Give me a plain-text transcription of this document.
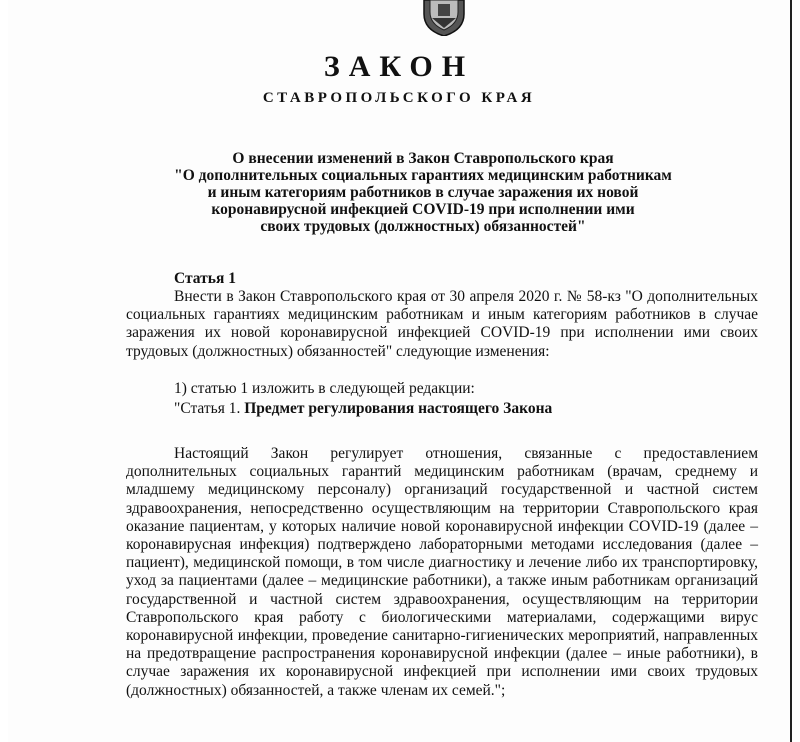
ЗАКОН
СТАВРОПОЛЬСКОГО КРАЯ
О внесении изменений в Закон Ставропольского края
"О дополнительных социальных гарантиях медицинским работникам
и иным категориям работников в случае заражения их новой
коронавирусной инфекцией COVID-19 при исполнении ими
своих трудовых (должностных) обязанностей"
Статья 1
Внести в Закон Ставропольского края от 30 апреля 2020 г. № 58-кз "О дополнительных социальных гарантиях медицинским работникам и иным категориям работников в случае заражения их новой коронавирусной инфекцией COVID-19 при исполнении ими своих трудовых (должностных) обязанностей" следующие изменения:
1) статью 1 изложить в следующей редакции:
"Статья 1. Предмет регулирования настоящего Закона
Настоящий Закон регулирует отношения, связанные с предоставлением дополнительных социальных гарантий медицинским работникам (врачам, среднему и младшему медицинскому персоналу) организаций государственной и частной систем здравоохранения, непосредственно осуществляющим на территории Ставропольского края оказание пациентам, у которых наличие новой коронавирусной инфекции COVID-19 (далее – коронавирусная инфекция) подтверждено лабораторными методами исследования (далее – пациент), медицинской помощи, в том числе диагностику и лечение либо их транспортировку, уход за пациентами (далее – медицинские работники), а также иным работникам организаций государственной и частной систем здравоохранения, осуществляющим на территории Ставропольского края работу с биологическими материалами, содержащими вирус коронавирусной инфекции, проведение санитарно-гигиенических мероприятий, направленных на предотвращение распространения коронавирусной инфекции (далее – иные работники), в случае заражения их коронавирусной инфекцией при исполнении ими своих трудовых (должностных) обязанностей, а также членам их семей.";
